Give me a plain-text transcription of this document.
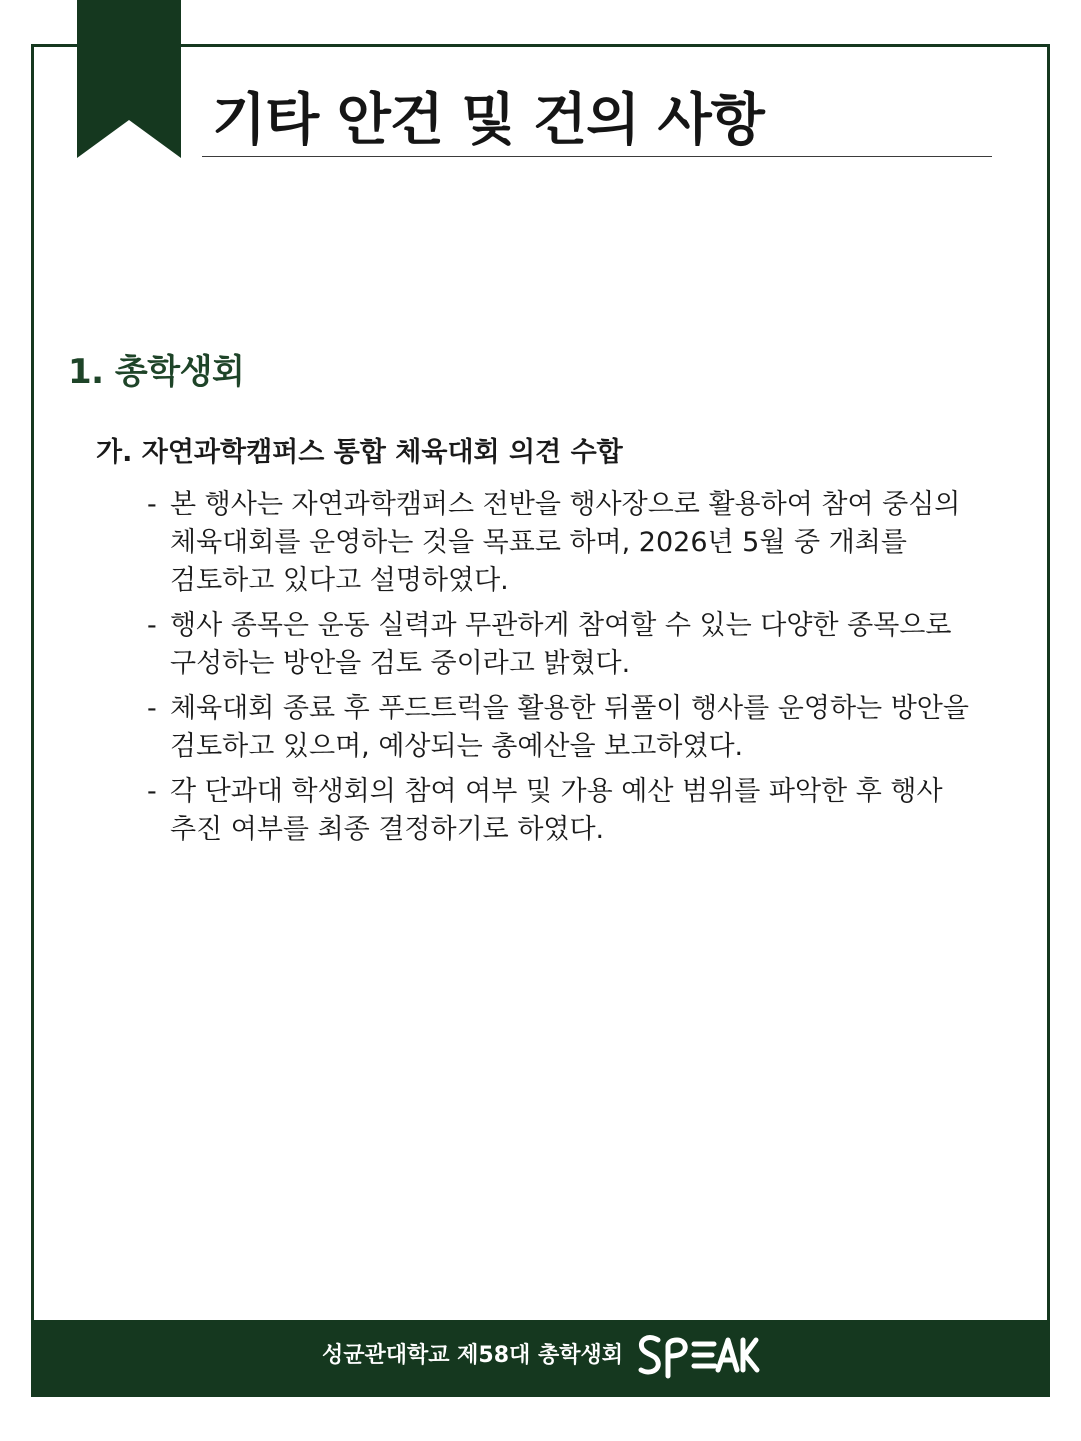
기타 안건 및 건의 사항
1. 총학생회
가. 자연과학캠퍼스 통합 체육대회 의견 수합
- 본 행사는 자연과학캠퍼스 전반을 행사장으로 활용하여 참여 중심의
체육대회를 운영하는 것을 목표로 하며, 2026년 5월 중 개최를
검토하고 있다고 설명하였다.
- 행사 종목은 운동 실력과 무관하게 참여할 수 있는 다양한 종목으로
구성하는 방안을 검토 중이라고 밝혔다.
- 체육대회 종료 후 푸드트럭을 활용한 뒤풀이 행사를 운영하는 방안을
검토하고 있으며, 예상되는 총예산을 보고하였다.
- 각 단과대 학생회의 참여 여부 및 가용 예산 범위를 파악한 후 행사
추진 여부를 최종 결정하기로 하였다.
성균관대학교 제58대 총학생회
